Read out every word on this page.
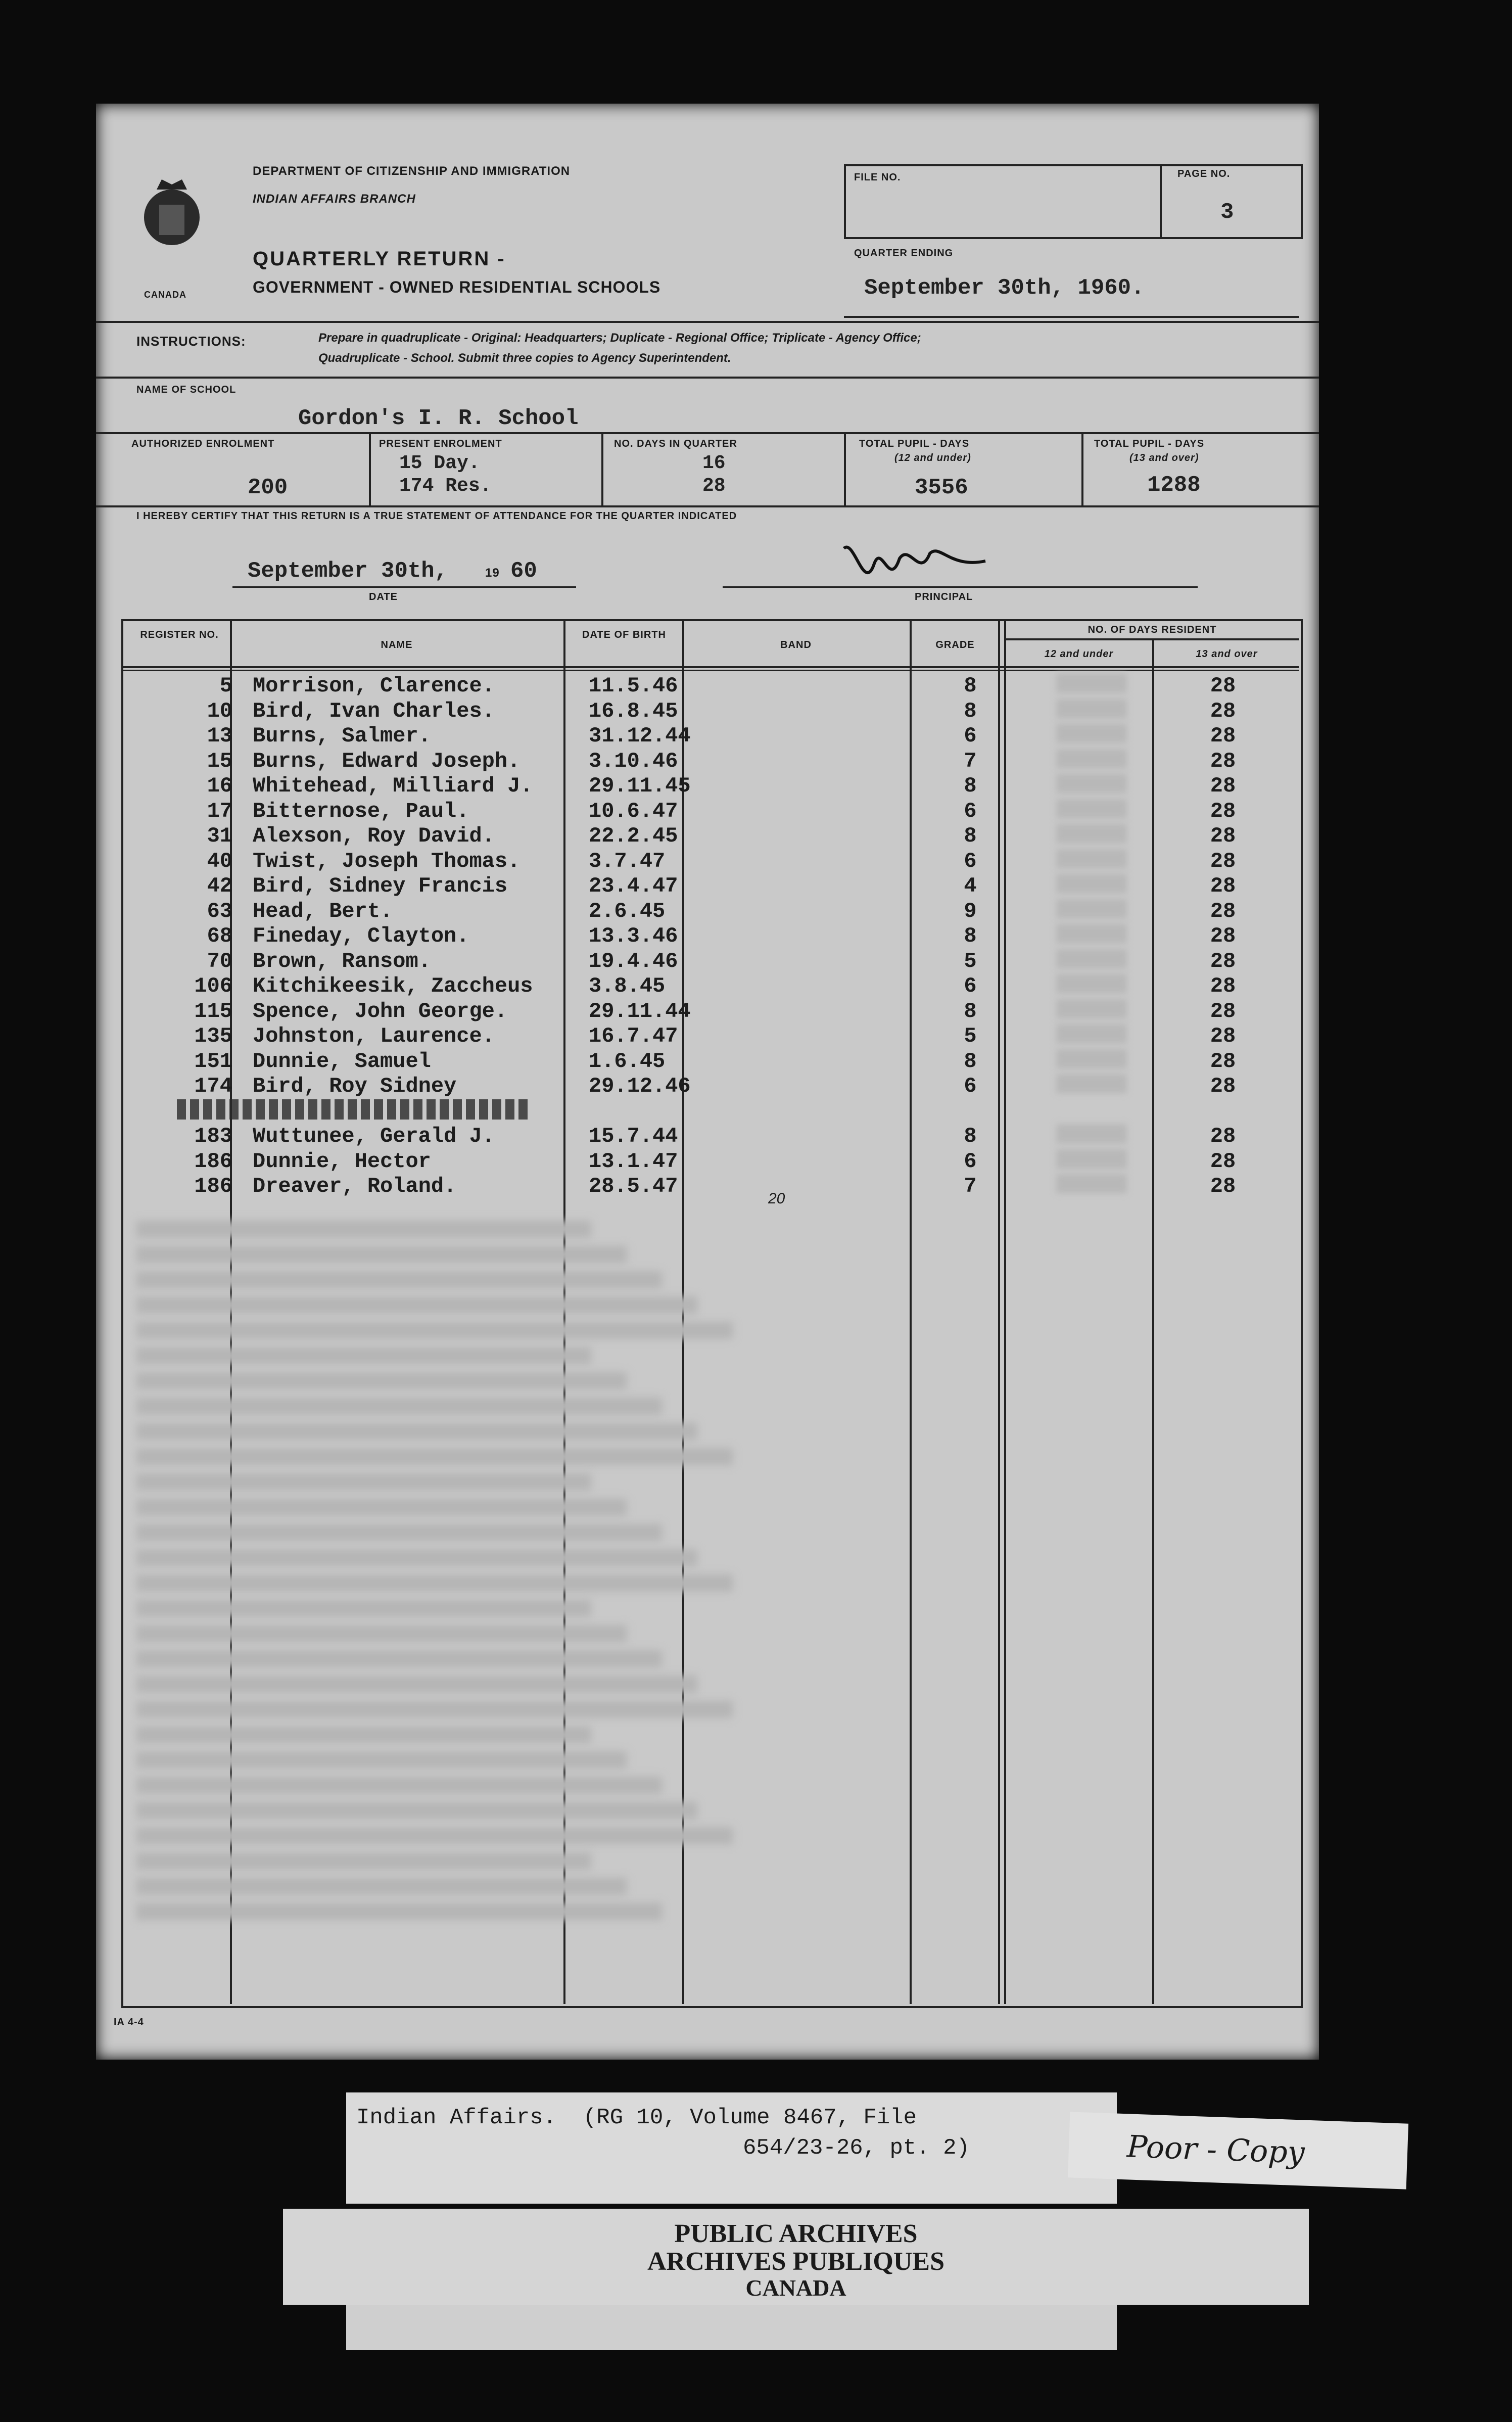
CANADA
DEPARTMENT OF CITIZENSHIP AND IMMIGRATION
INDIAN AFFAIRS BRANCH
QUARTERLY RETURN -
GOVERNMENT - OWNED RESIDENTIAL SCHOOLS
FILE NO.	PAGE NO.
3
QUARTER ENDING
September 30th, 1960.
INSTRUCTIONS:	Prepare in quadruplicate - Original: Headquarters; Duplicate - Regional Office; Triplicate - Agency Office;
Quadruplicate - School. Submit three copies to Agency Superintendent.
NAME OF SCHOOL
Gordon's I. R. School
AUTHORIZED ENROLMENT
200
PRESENT ENROLMENT
15 Day.
174 Res.
NO. DAYS IN QUARTER
16
28
TOTAL PUPIL - DAYS
(12 and under)
3556
TOTAL PUPIL - DAYS
(13 and over)
1288
I HEREBY CERTIFY THAT THIS RETURN IS A TRUE STATEMENT OF ATTENDANCE FOR THE QUARTER INDICATED
September 30th,	19 60
DATE	PRINCIPAL
REGISTER NO.
NAME
DATE OF BIRTH
BAND	GRADE
NO. OF DAYS RESIDENT
12 and under	13 and over
5 Morrison, Clarence.	11.5.46	8	28
10 Bird, Ivan Charles.	16.8.45	8	28
13 Burns, Salmer.	31.12.44	6	28
15 Burns, Edward Joseph.	3.10.46	7	28
16 Whitehead, Milliard J.	29.11.45	8	28
17 Bitternose, Paul.	10.6.47	6	28
31 Alexson, Roy David.	22.2.45	8	28
40 Twist, Joseph Thomas.	3.7.47	6	28
42 Bird, Sidney Francis	23.4.47	4	28
63 Head, Bert.	2.6.45	9	28
68 Fineday, Clayton.	13.3.46	8	28
70 Brown, Ransom.	19.4.46	5	28
106 Kitchikeesik, Zaccheus	3.8.45	6	28
115 Spence, John George.	29.11.44	8	28
135 Johnston, Laurence.	16.7.47	5	28
151 Dunnie, Samuel	1.6.45	8	28
174 Bird, Roy Sidney	29.12.46	6	28
183 Wuttunee, Gerald J.	15.7.44	8	28
186 Dunnie, Hector	13.1.47	6	28
186 Dreaver, Roland.	28.5.47	7	28
20
IA 4-4
Indian Affairs.  (RG 10, Volume 8467, File
654/23-26, pt. 2)	Poor - Copy
PUBLIC ARCHIVES
ARCHIVES PUBLIQUES
CANADA
